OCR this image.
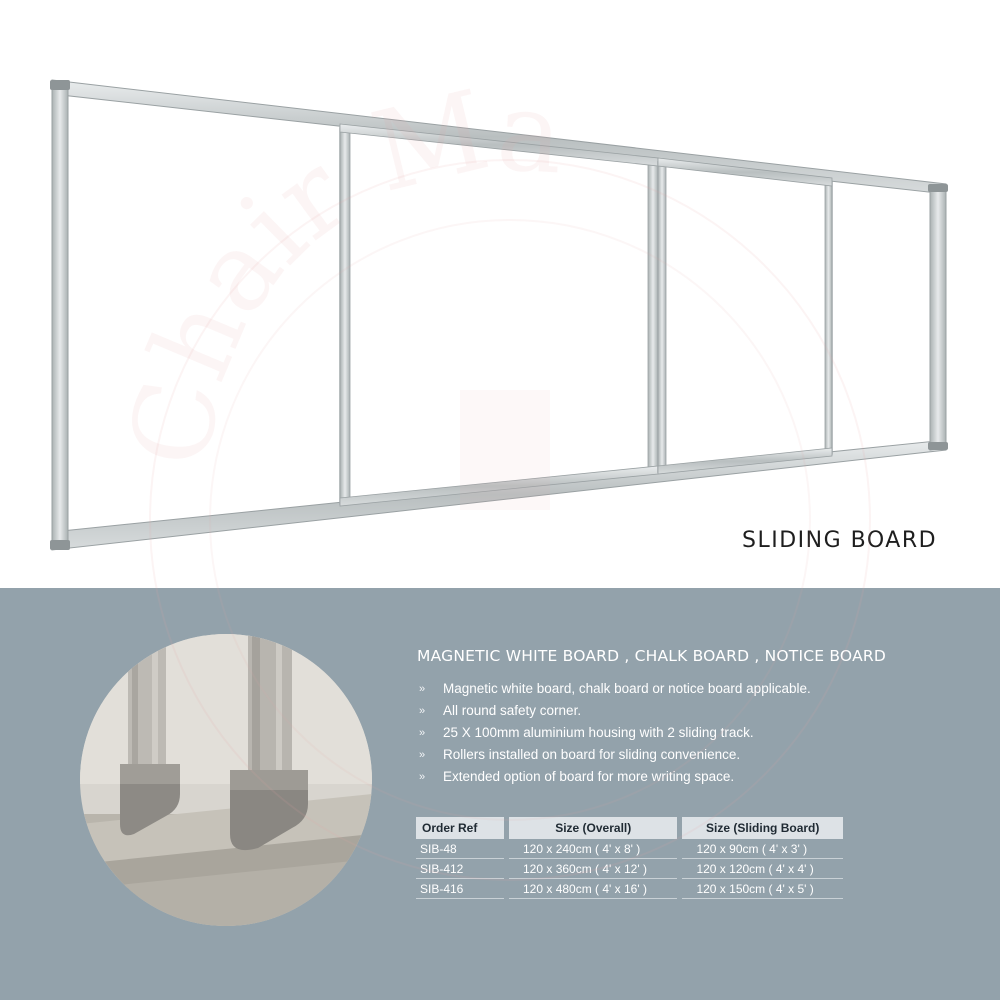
SLIDING BOARD
MAGNETIC WHITE BOARD , CHALK BOARD , NOTICE BOARD
» Magnetic white board, chalk board or notice board applicable.
» All round safety corner.
» 25 X 100mm aluminium housing with 2 sliding track.
» Rollers installed on board for sliding convenience.
» Extended option of board for more writing space.
Order Ref		Size (Overall)		Size (Sliding Board)
SIB-48		120 x 240cm ( 4' x 8' )		120 x 90cm ( 4' x 3' )
SIB-412		120 x 360cm ( 4' x 12' )		120 x 120cm ( 4' x 4' )
SIB-416		120 x 480cm ( 4' x 16' )		120 x 150cm ( 4' x 5' )
